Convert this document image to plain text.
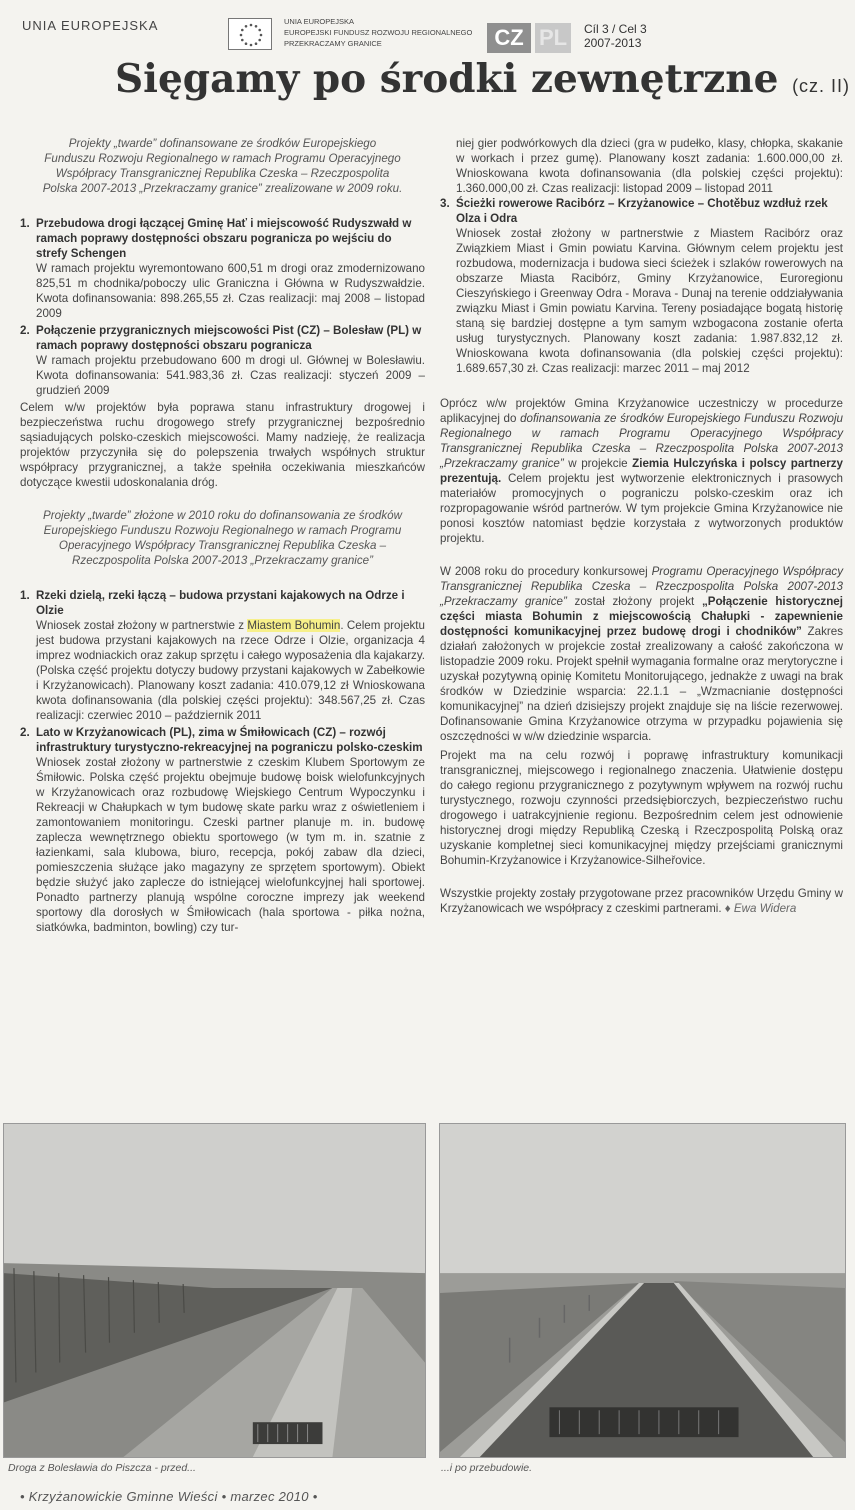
UNIA EUROPEJSKA	UNIA EUROPEJSKA
EUROPEJSKI FUNDUSZ ROZWOJU REGIONALNEGO
PRZEKRACZAMY GRANICE	CZ PL	Cíl 3 / Cel 3
2007-2013
Sięgamy po środki zewnętrzne (cz. II)
Projekty „twarde” dofinansowane ze środków Europejskiego Funduszu Rozwoju Regionalnego w ramach Programu Operacyjnego Współpracy Transgranicznej Republika Czeska – Rzeczpospolita Polska 2007-2013 „Przekraczamy granice” zrealizowane w 2009 roku.
1. Przebudowa drogi łączącej Gminę Hať i miejscowość Rudyszwałd w ramach poprawy dostępności obszaru pogranicza po wejściu do strefy Schengen
W ramach projektu wyremontowano 600,51 m drogi oraz zmodernizowano 825,51 m chodnika/poboczy ulic Graniczna i Główna w Rudyszwałdzie. Kwota dofinansowania: 898.265,55 zł. Czas realizacji: maj 2008 – listopad 2009
2. Połączenie przygranicznych miejscowości Pist (CZ) – Bolesław (PL) w ramach poprawy dostępności obszaru pogranicza
W ramach projektu przebudowano 600 m drogi ul. Głównej w Bolesławiu. Kwota dofinansowania: 541.983,36 zł. Czas realizacji: styczeń 2009 – grudzień 2009
Celem w/w projektów była poprawa stanu infrastruktury drogowej i bezpieczeństwa ruchu drogowego strefy przygranicznej bezpośrednio sąsiadujących polsko-czeskich miejscowości. Mamy nadzieję, że realizacja projektów przyczyniła się do polepszenia trwałych współnych struktur współpracy przygranicznej, a także spełniła oczekiwania mieszkańców dotyczące kwestii udoskonalania dróg.
Projekty „twarde” złożone w 2010 roku do dofinansowania ze środków Europejskiego Funduszu Rozwoju Regionalnego w ramach Programu Operacyjnego Współpracy Transgranicznej Republika Czeska – Rzeczpospolita Polska 2007-2013 „Przekraczamy granice”
1. Rzeki dzielą, rzeki łączą – budowa przystani kajakowych na Odrze i Olzie
Wniosek został złożony w partnerstwie z Miastem Bohumin. Celem projektu jest budowa przystani kajakowych na rzece Odrze i Olzie, organizacja 4 imprez wodniackich oraz zakup sprzętu i całego wyposażenia dla kajakarzy. (Polska część projektu dotyczy budowy przystani kajakowych w Zabełkowie i Krzyżanowicach). Planowany koszt zadania: 410.079,12 zł Wnioskowana kwota dofinansowania (dla polskiej części projektu): 348.567,25 zł. Czas realizacji: czerwiec 2010 – październik 2011
2. Lato w Krzyżanowicach (PL), zima w Śmiłowicach (CZ) – rozwój infrastruktury turystyczno-rekreacyjnej na pograniczu polsko-czeskim
Wniosek został złożony w partnerstwie z czeskim Klubem Sportowym ze Śmiłowic. Polska część projektu obejmuje budowę boisk wielofunkcyjnych w Krzyżanowicach oraz rozbudowę Wiejskiego Centrum Wypoczynku i Rekreacji w Chałupkach w tym budowę skate parku wraz z oświetleniem i zamontowaniem monitoringu. Czeski partner planuje m. in. budowę zaplecza wewnętrznego obiektu sportowego (w tym m. in. szatnie z łazienkami, sala klubowa, biuro, recepcja, pokój zabaw dla dzieci, pomieszczenia służące jako magazyny ze sprzętem sportowym). Obiekt będzie służyć jako zaplecze do istniejącej wielofunkcyjnej hali sportowej. Ponadto partnerzy planują wspólne coroczne imprezy jak weekend sportowy dla dorosłych w Śmiłowicach (hala sportowa - piłka nożna, siatkówka, badminton, bowling) czy tur-
niej gier podwórkowych dla dzieci (gra w pudełko, klasy, chłopka, skakanie w workach i przez gumę). Planowany koszt zadania: 1.600.000,00 zł. Wnioskowana kwota dofinansowania (dla polskiej części projektu): 1.360.000,00 zł. Czas realizacji: listopad 2009 – listopad 2011
3. Ścieżki rowerowe Racibórz – Krzyżanowice – Chotěbuz wzdłuż rzek Olza i Odra
Wniosek został złożony w partnerstwie z Miastem Racibórz oraz Związkiem Miast i Gmin powiatu Karvina. Głównym celem projektu jest rozbudowa, modernizacja i budowa sieci ścieżek i szlaków rowerowych na obszarze Miasta Racibórz, Gminy Krzyżanowice, Euroregionu Cieszyńskiego i Greenway Odra - Morava - Dunaj na terenie oddziaływania związku Miast i Gmin powiatu Karvina. Tereny posiadające bogatą historię staną się bardziej dostępne a tym samym wzbogacona zostanie oferta usług turystycznych. Planowany koszt zadania: 1.987.832,12 zł. Wnioskowana kwota dofinansowania (dla polskiej części projektu): 1.689.657,30 zł. Czas realizacji: marzec 2011 – maj 2012
Oprócz w/w projektów Gmina Krzyżanowice uczestniczy w procedurze aplikacyjnej do dofinansowania ze środków Europejskiego Funduszu Rozwoju Regionalnego w ramach Programu Operacyjnego Współpracy Transgranicznej Republika Czeska – Rzeczpospolita Polska 2007-2013 „Przekraczamy granice” w projekcie Ziemia Hulczyńska i polscy partnerzy prezentują. Celem projektu jest wytworzenie elektronicznych i prasowych materiałów promocyjnych o pograniczu polsko-czeskim oraz ich rozpropagowanie wśród partnerów. W tym projekcie Gmina Krzyżanowice nie ponosi kosztów natomiast będzie korzystała z wytworzonych produktów projektu.
W 2008 roku do procedury konkursowej Programu Operacyjnego Współpracy Transgranicznej Republika Czeska – Rzeczpospolita Polska 2007-2013 „Przekraczamy granice” został złożony projekt „Połączenie historycznej części miasta Bohumin z miejscowością Chałupki - zapewnienie dostępności komunikacyjnej przez budowę drogi i chodników” Zakres działań założonych w projekcie został zrealizowany a całość zakończona w listopadzie 2009 roku. Projekt spełnił wymagania formalne oraz merytoryczne i uzyskał pozytywną opinię Komitetu Monitorującego, jednakże z uwagi na brak środków w Dziedzinie wsparcia: 22.1.1 – „Wzmacnianie dostępności komunikacyjnej” na dzień dzisiejszy projekt znajduje się na liście rezerwowej. Dofinansowanie Gmina Krzyżanowice otrzyma w przypadku pojawienia się oszczędności w w/w dziedzinie wsparcia.
Projekt ma na celu rozwój i poprawę infrastruktury komunikacji transgranicznej, miejscowego i regionalnego znaczenia. Ułatwienie dostępu do całego regionu przygranicznego z pozytywnym wpływem na rozwój ruchu turystycznego, rozwoju czynności przedsiębiorczych, bezpieczeństwo ruchu drogowego i uatrakcyjnienie regionu. Bezpośrednim celem jest odnowienie historycznej drogi między Republiką Czeską i Rzeczpospolitą Polską oraz uzyskanie kompletnej sieci komunikacyjnej między przejściami granicznymi Bohumin-Krzyżanowice i Krzyżanowice-Silheřovice.
Wszystkie projekty zostały przygotowane przez pracowników Urzędu Gminy w Krzyżanowicach we współpracy z czeskimi partnerami. ♦ Ewa Widera
Droga z Bolesławia do Piszcza - przed...	...i po przebudowie.
• Krzyżanowickie Gminne Wieści • marzec 2010 •
